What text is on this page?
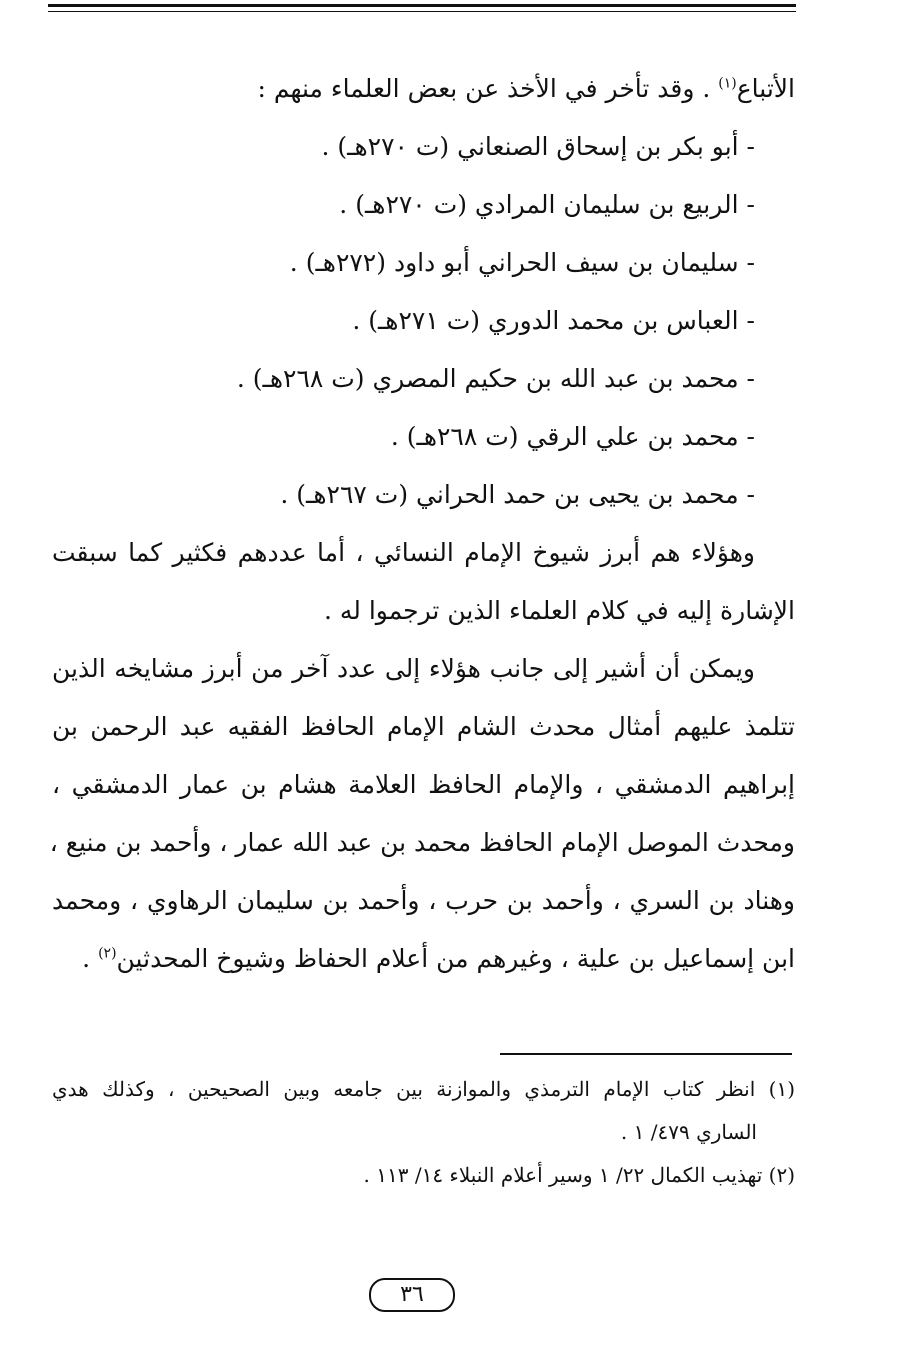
الأتباع$^{(١)}$ . وقد تأخر في الأخذ عن بعض العلماء منهم :
- أبو بكر بن إسحاق الصنعاني (ت ٢٧٠هـ) .
- الربيع بن سليمان المرادي (ت ٢٧٠هـ) .
- سليمان بن سيف الحراني أبو داود (٢٧٢هـ) .
- العباس بن محمد الدوري (ت ٢٧١هـ) .
- محمد بن عبد الله بن حكيم المصري (ت ٢٦٨هـ) .
- محمد بن علي الرقي (ت ٢٦٨هـ) .
- محمد بن يحيى بن حمد الحراني (ت ٢٦٧هـ) .
وهؤلاء هم أبرز شيوخ الإمام النسائي ، أما عددهم فكثير كما سبقت
الإشارة إليه في كلام العلماء الذين ترجموا له .
ويمكن أن أشير إلى جانب هؤلاء إلى عدد آخر من أبرز مشايخه الذين
تتلمذ عليهم أمثال محدث الشام الإمام الحافظ الفقيه عبد الرحمن بن
إبراهيم الدمشقي ، والإمام الحافظ العلامة هشام بن عمار الدمشقي ،
ومحدث الموصل الإمام الحافظ محمد بن عبد الله عمار ، وأحمد بن منيع ،
وهناد بن السري ، وأحمد بن حرب ، وأحمد بن سليمان الرهاوي ، ومحمد
ابن إسماعيل بن علية ، وغيرهم من أعلام الحفاظ وشيوخ المحدثين$^{(٢)}$ .
(١) انظر كتاب الإمام الترمذي والموازنة بين جامعه وبين الصحيحين ، وكذلك هدي
الساري ٤٧٩/ ١ .
(٢) تهذيب الكمال ٢٢/ ١ وسير أعلام النبلاء ١٤/ ١١٣ .
٣٦
